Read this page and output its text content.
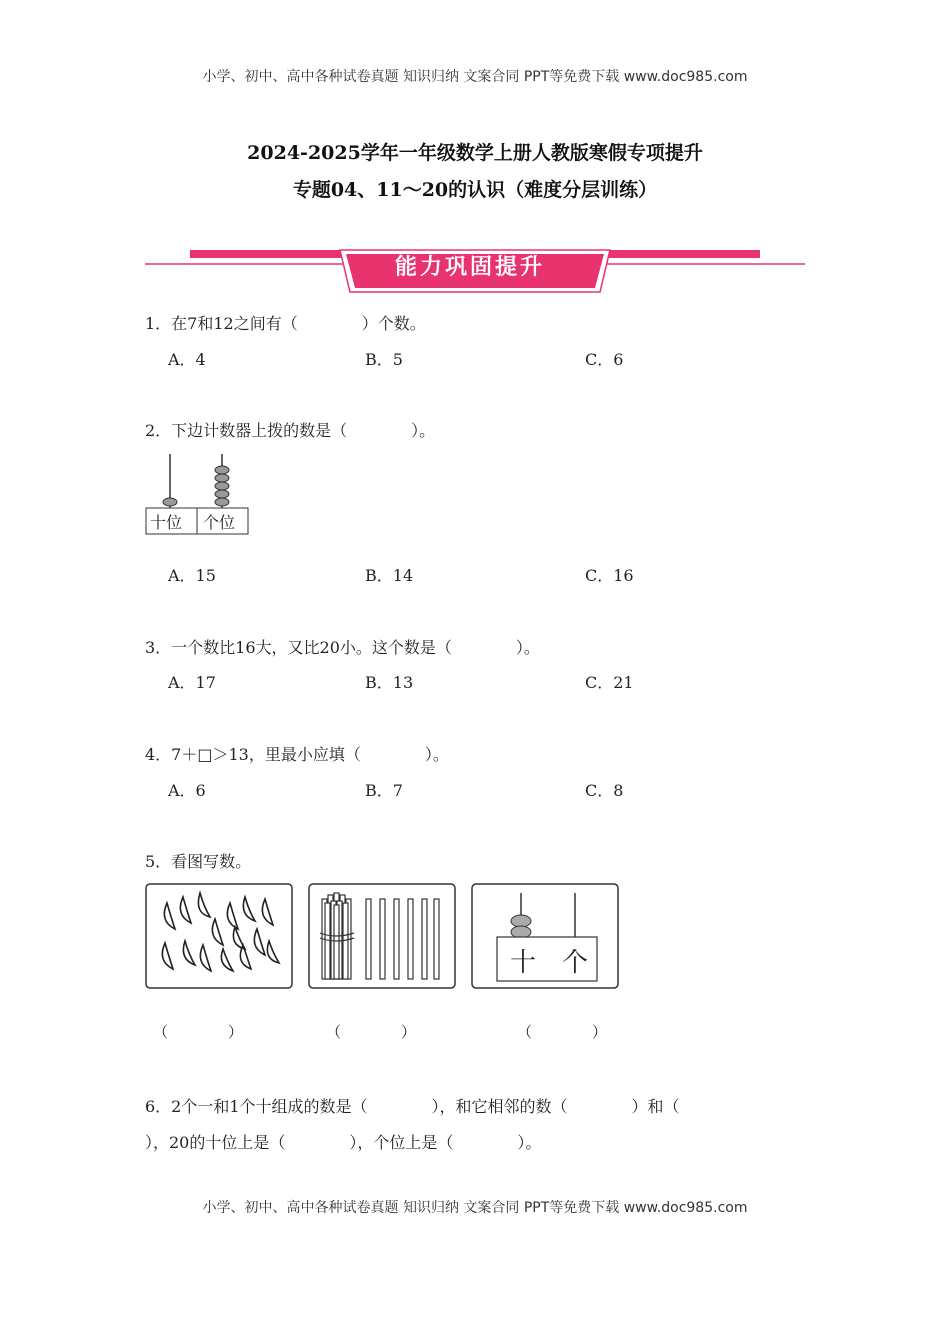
小学、初中、高中各种试卷真题 知识归纳 文案合同 PPT等免费下载 www.doc985.com
2024-2025学年一年级数学上册人教版寒假专项提升
专题04、11～20的认识（难度分层训练）
能力巩固提升
1．在7和12之间有（　　　　）个数。
A．4	B．5	C．6
2．下边计数器上拨的数是（　　　　）。
十位 个位
A．15	B．14	C．16
3．一个数比16大，又比20小。这个数是（　　　　）。
A．17	B．13	C．21
4．7＋□＞13，里最小应填（　　　　）。
A．6	B．7	C．8
5．看图写数。
十 个
（　　　　）	（　　　　）	（　　　　）
6．2个一和1个十组成的数是（　　　　），和它相邻的数（　　　　）和（
），20的十位上是（　　　　），个位上是（　　　　）。
小学、初中、高中各种试卷真题 知识归纳 文案合同 PPT等免费下载 www.doc985.com
